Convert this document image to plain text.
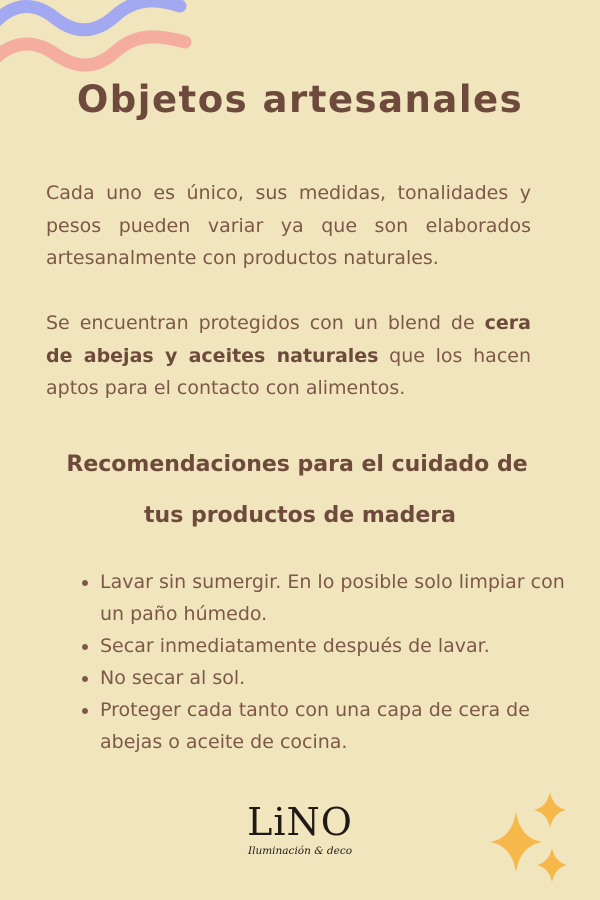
Objetos artesanales
Cada uno es único, sus medidas, tonalidades y pesos pueden variar ya que son elaborados artesanalmente con productos naturales.
Se encuentran protegidos con un blend de cera de abejas y aceites naturales que los hacen aptos para el contacto con alimentos.
Recomendaciones para el cuidado de
tus productos de madera
• Lavar sin sumergir. En lo posible solo limpiar con un paño húmedo.
• Secar inmediatamente después de lavar.
• No secar al sol.
• Proteger cada tanto con una capa de cera de abejas o aceite de cocina.
LiNO
Iluminación & deco
